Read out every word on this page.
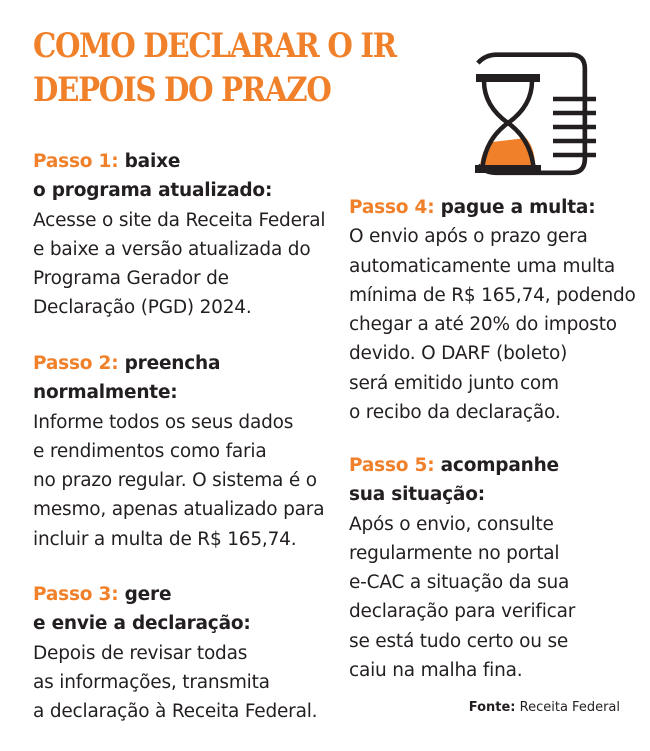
COMO DECLARAR O IR
DEPOIS DO PRAZO

Passo 1: baixe

o programa atualizado:

Acesse o site da Receita Federal

e baixe a versão atualizada do

Programa Gerador de

Declaração (PGD) 2024.

Passo 2: preencha

normalmente:

Informe todos os seus dados

e rendimentos como faria

no prazo regular. O sistema é o

mesmo, apenas atualizado para

incluir a multa de R$ 165,74.

Passo 3: gere

e envie a declaração:

Depois de revisar todas

as informações, transmita

a declaração à Receita Federal.

Passo 4: pague a multa:

O envio após o prazo gera

automaticamente uma multa

mínima de R$ 165,74, podendo

chegar a até 20% do imposto

devido. O DARF (boleto)

será emitido junto com

o recibo da declaração.

Passo 5: acompanhe

sua situação:

Após o envio, consulte

regularmente no portal

e-CAC a situação da sua

declaração para verificar

se está tudo certo ou se

caiu na malha fina.

Fonte: Receita Federal
